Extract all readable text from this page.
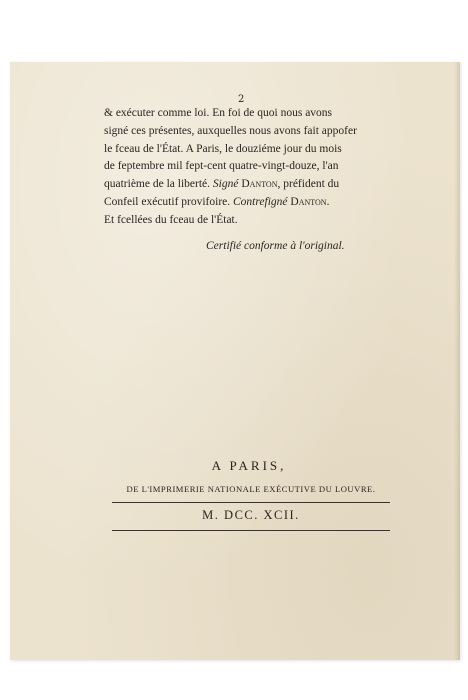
2
& exécuter comme loi. En foi de quoi nous avons
signé ces présentes, auxquelles nous avons fait appofer
le fceau de l'État. A Paris, le douziéme jour du mois
de feptembre mil fept-cent quatre-vingt-douze, l'an
quatrième de la liberté. Signé Danton, préfident du
Confeil exécutif provifoire. Contrefigné Danton.
Et fcellées du fceau de l'État.
Certifié conforme à l'original.
A PARIS,
DE L'IMPRIMERIE NATIONALE EXÉCUTIVE DU LOUVRE.
M. DCC. XCII.
